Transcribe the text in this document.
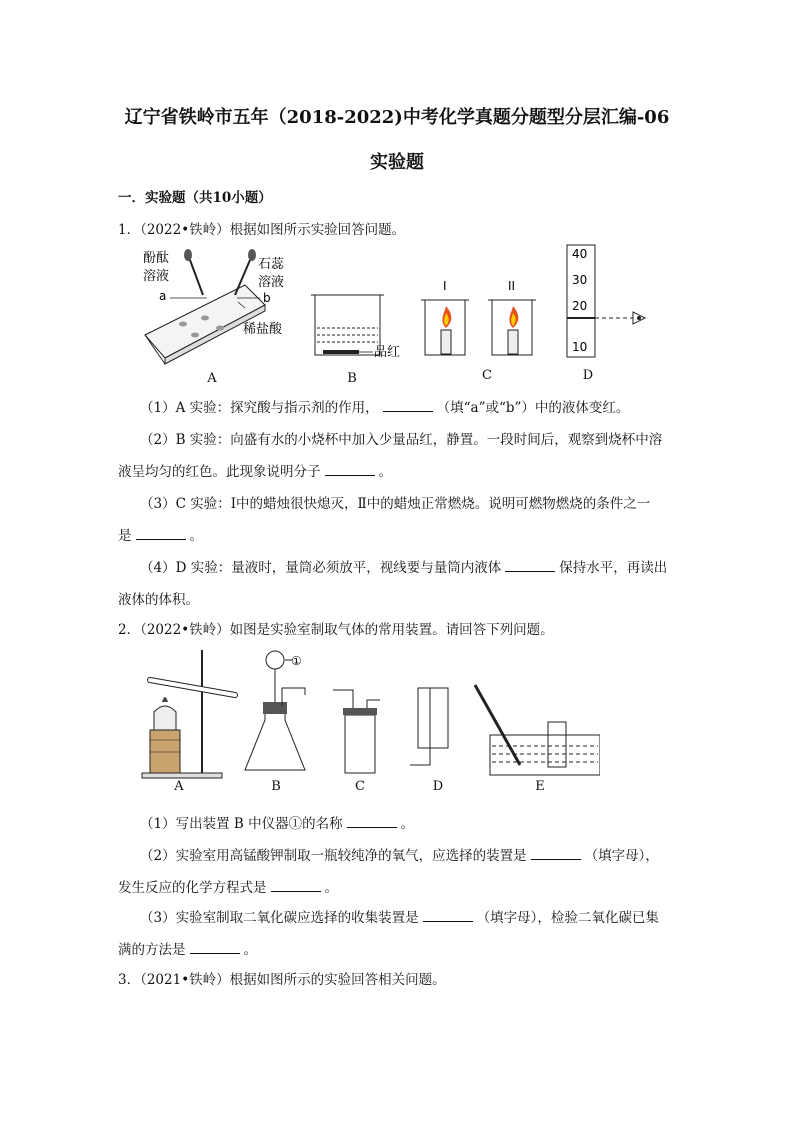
辽宁省铁岭市五年（2018-2022)中考化学真题分题型分层汇编-06
实验题
一．实验题（共10小题）
1．（2022•铁岭）根据如图所示实验回答问题。
酚酞
溶液
石蕊
溶液
a	b
稀盐酸
品红
I	II
40
30
20
10
A	B	C	D
（1）A 实验：探究酸与指示剂的作用，	（填“a”或“b”）中的液体变红。
（2）B 实验：向盛有水的小烧杯中加入少量品红，静置。一段时间后，观察到烧杯中溶
液呈均匀的红色。此现象说明分子	。
（3）C 实验：Ⅰ中的蜡烛很快熄灭，Ⅱ中的蜡烛正常燃烧。说明可燃物燃烧的条件之一
是	。
（4）D 实验：量液时，量筒必须放平，视线要与量筒内液体	保持水平，再读出
液体的体积。
2．（2022•铁岭）如图是实验室制取气体的常用装置。请回答下列问题。
①
A	B	C	D	E
（1）写出装置 B 中仪器①的名称	。
（2）实验室用高锰酸钾制取一瓶较纯净的氧气，应选择的装置是	（填字母），
发生反应的化学方程式是	。
（3）实验室制取二氧化碳应选择的收集装置是	（填字母），检验二氧化碳已集
满的方法是	。
3．（2021•铁岭）根据如图所示的实验回答相关问题。
